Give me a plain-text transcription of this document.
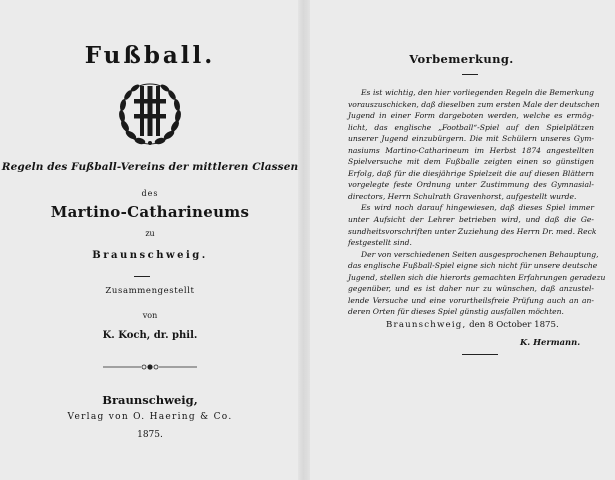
Fußball.
Regeln des Fußball-Vereins der mittleren Classen
des
Martino-Catharineums
zu
Braunschweig.
Zusammengestellt
von
K. Koch, dr. phil.
Braunschweig,
Verlag von O. Haering & Co.
1875.
Vorbemerkung.
Es ist wichtig, den hier vorliegenden Regeln die Bemerkung
vorauszuschicken, daß dieselben zum ersten Male der deutschen
Jugend in einer Form dargeboten werden, welche es ermög-
licht, das englische „Football“-Spiel auf den Spielplätzen
unserer Jugend einzubürgern. Die mit Schülern unseres Gym-
nasiums Martino-Catharineum im Herbst 1874 angestellten
Spielversuche mit dem Fußballe zeigten einen so günstigen
Erfolg, daß für die diesjährige Spielzeit die auf diesen Blättern
vorgelegte feste Ordnung unter Zustimmung des Gymnasial-
directors, Herrn Schulrath Gravenhorst, aufgestellt wurde.
Es wird noch darauf hingewiesen, daß dieses Spiel immer
unter Aufsicht der Lehrer betrieben wird, und daß die Ge-
sundheitsvorschriften unter Zuziehung des Herrn Dr. med. Reck
festgestellt sind.
Der von verschiedenen Seiten ausgesprochenen Behauptung,
das englische Fußball-Spiel eigne sich nicht für unsere deutsche
Jugend, stellen sich die hierorts gemachten Erfahrungen geradezu
gegenüber, und es ist daher nur zu wünschen, daß anzustel-
lende Versuche und eine vorurtheilsfreie Prüfung auch an an-
deren Orten für dieses Spiel günstig ausfallen möchten.
Braunschweig, den 8 October 1875.
K. Hermann.
